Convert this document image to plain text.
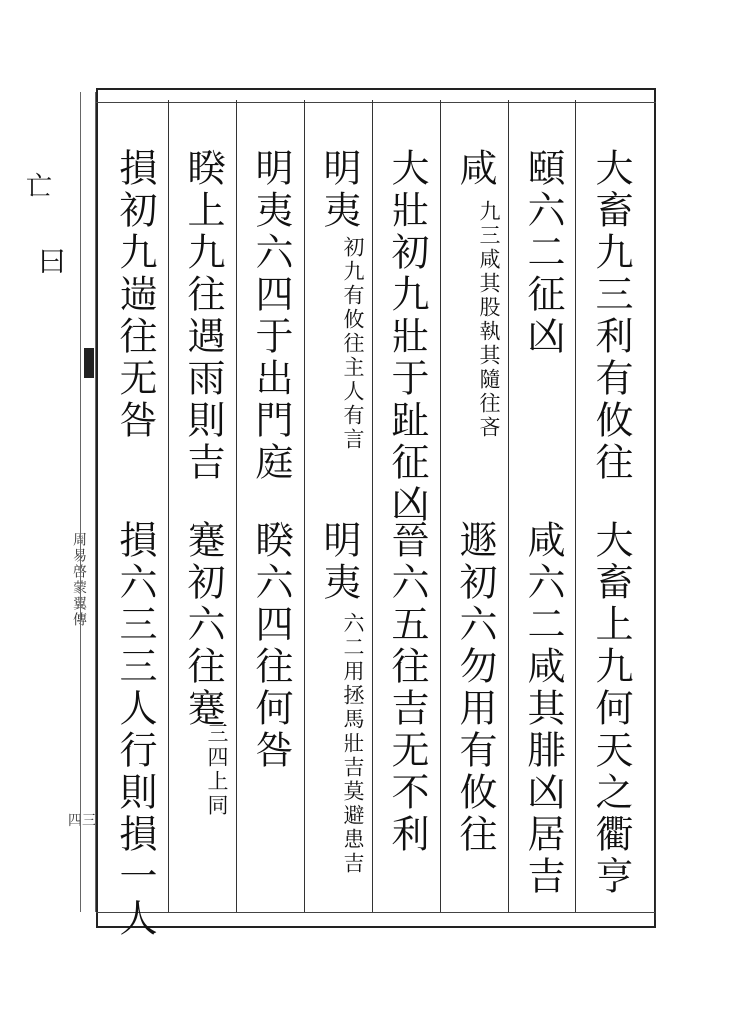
亡
曰
周易啓蒙翼傳
四三
大畜九三利有攸往
大畜上九何天之衢亨
頤六二征凶
咸六二咸其腓凶居吉
咸
九三咸其股執其隨往吝
遯初六勿用有攸往
大壯初九壯于趾征凶
晉六五往吉无不利
明夷
初九有攸往主人有言
明夷
六二用拯馬壯吉莫避患吉
明夷六四于出門庭
睽六四往何咎
睽上九往遇雨則吉
蹇初六往蹇
三四上同
損初九遄往无咎
損六三三人行則損一人
